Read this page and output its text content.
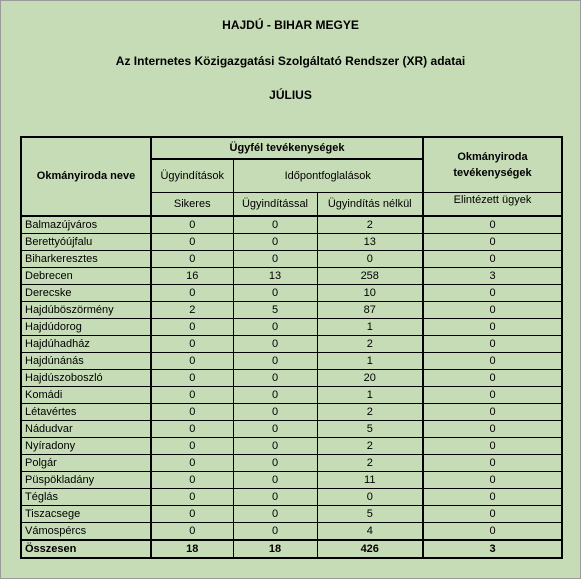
HAJDÚ - BIHAR MEGYE
Az Internetes Közigazgatási Szolgáltató Rendszer (XR) adatai
JÚLIUS
Okmányiroda neve	Ügyfél tevékenységek			Okmányiroda tevékenységek
	Ügyindítások	Időpontfoglalások		
	Sikeres	Ügyindítással	Ügyindítás nélkül	Elintézett ügyek
Balmazújváros	0	0	2	0
Berettyóújfalu	0	0	13	0
Biharkeresztes	0	0	0	0
Debrecen	16	13	258	3
Derecske	0	0	10	0
Hajdúböszörmény	2	5	87	0
Hajdúdorog	0	0	1	0
Hajdúhadház	0	0	2	0
Hajdúnánás	0	0	1	0
Hajdúszoboszló	0	0	20	0
Komádi	0	0	1	0
Létavértes	0	0	2	0
Nádudvar	0	0	5	0
Nyíradony	0	0	2	0
Polgár	0	0	2	0
Püspökladány	0	0	11	0
Téglás	0	0	0	0
Tiszacsege	0	0	5	0
Vámospércs	0	0	4	0
Összesen	18	18	426	3
